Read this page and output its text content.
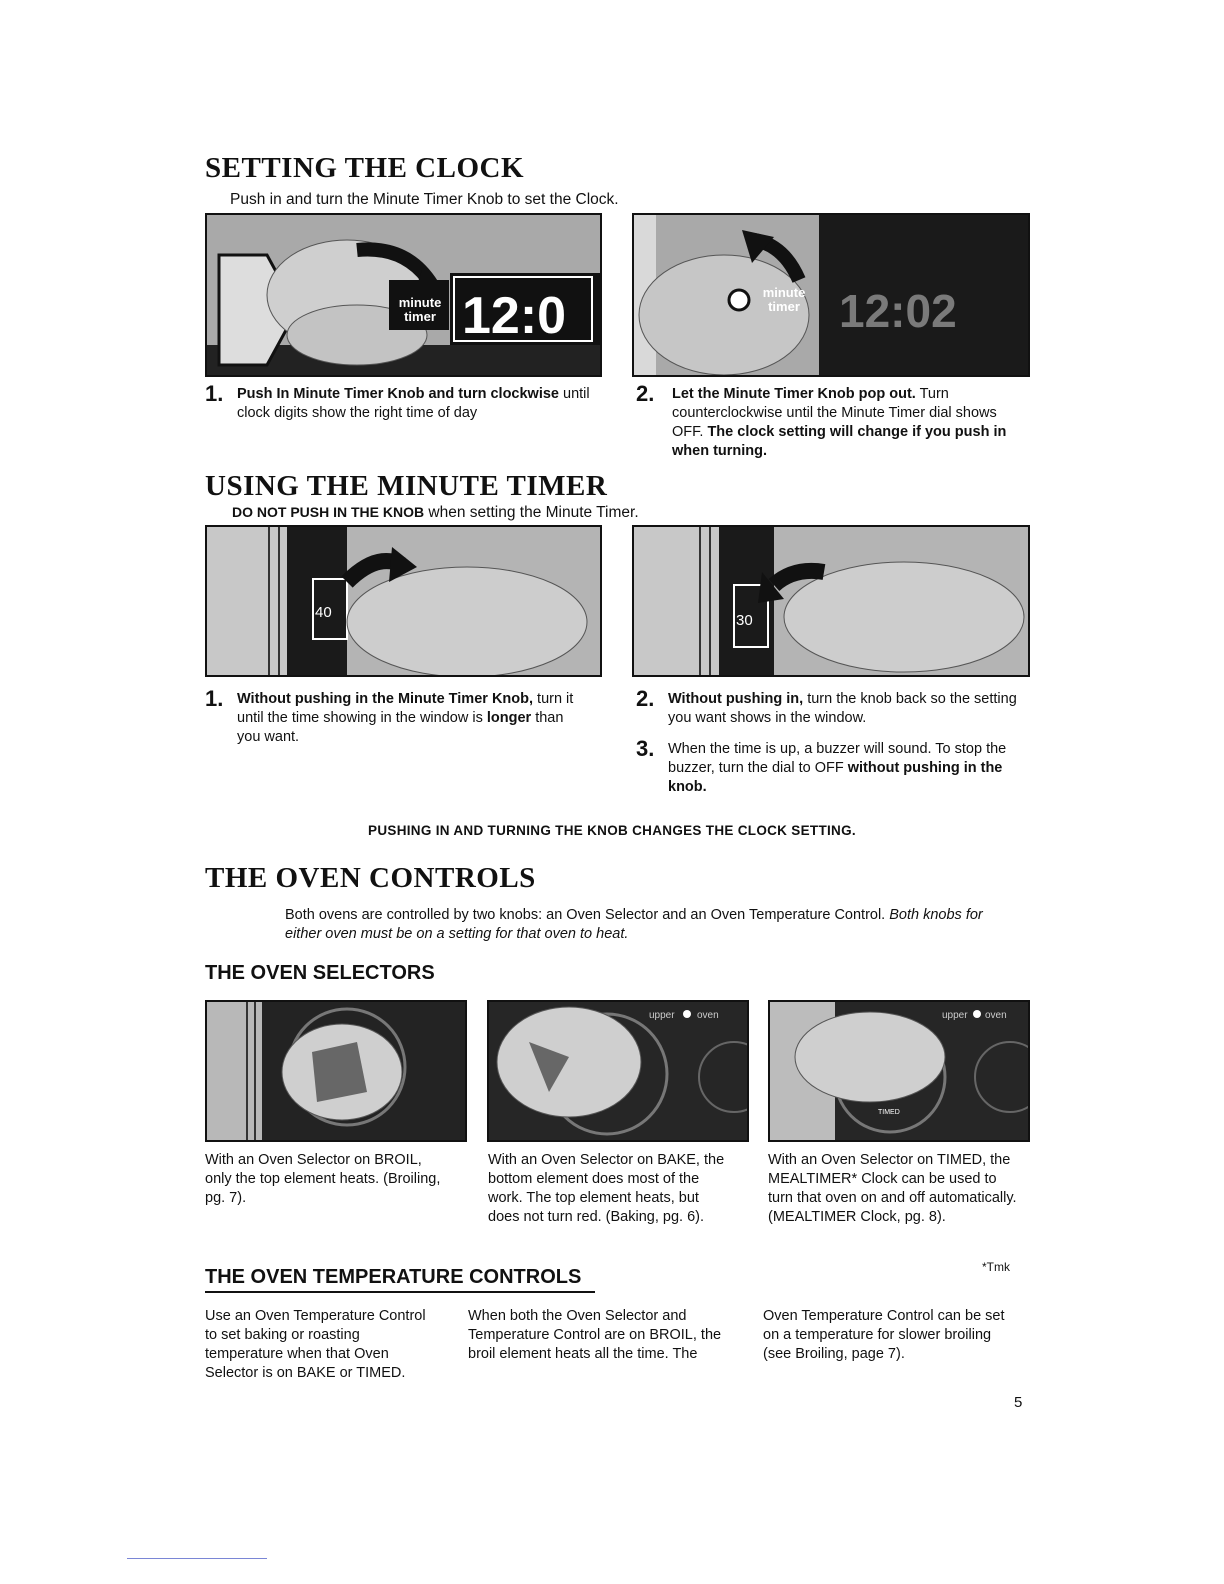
SETTING THE CLOCK
Push in and turn the Minute Timer Knob to set the Clock.
minute
timer 12:0	minute
timer 12:02
1. Push In Minute Timer Knob and turn clockwise until clock digits show the right time of day
2. Let the Minute Timer Knob pop out. Turn counterclockwise until the Minute Timer dial shows OFF. The clock setting will change if you push in when turning.
USING THE MINUTE TIMER
DO NOT PUSH IN THE KNOB when setting the Minute Timer.
40	30
1. Without pushing in the Minute Timer Knob, turn it until the time showing in the window is longer than you want.
2. Without pushing in, turn the knob back so the setting you want shows in the window.
3. When the time is up, a buzzer will sound. To stop the buzzer, turn the dial to OFF without pushing in the knob.
PUSHING IN AND TURNING THE KNOB CHANGES THE CLOCK SETTING.
THE OVEN CONTROLS
Both ovens are controlled by two knobs: an Oven Selector and an Oven Temperature Control. Both knobs for either oven must be on a setting for that oven to heat.
THE OVEN SELECTORS
upper oven	upper oven
TIMED
With an Oven Selector on BROIL, only the top element heats. (Broiling, pg. 7).
With an Oven Selector on BAKE, the bottom element does most of the work. The top element heats, but does not turn red. (Baking, pg. 6).
With an Oven Selector on TIMED, the MEALTIMER* Clock can be used to turn that oven on and off automatically. (MEALTIMER Clock, pg. 8).
*Tmk
THE OVEN TEMPERATURE CONTROLS
Use an Oven Temperature Control to set baking or roasting temperature when that Oven Selector is on BAKE or TIMED.
When both the Oven Selector and Temperature Control are on BROIL, the broil element heats all the time. The
Oven Temperature Control can be set on a temperature for slower broiling (see Broiling, page 7).
5
